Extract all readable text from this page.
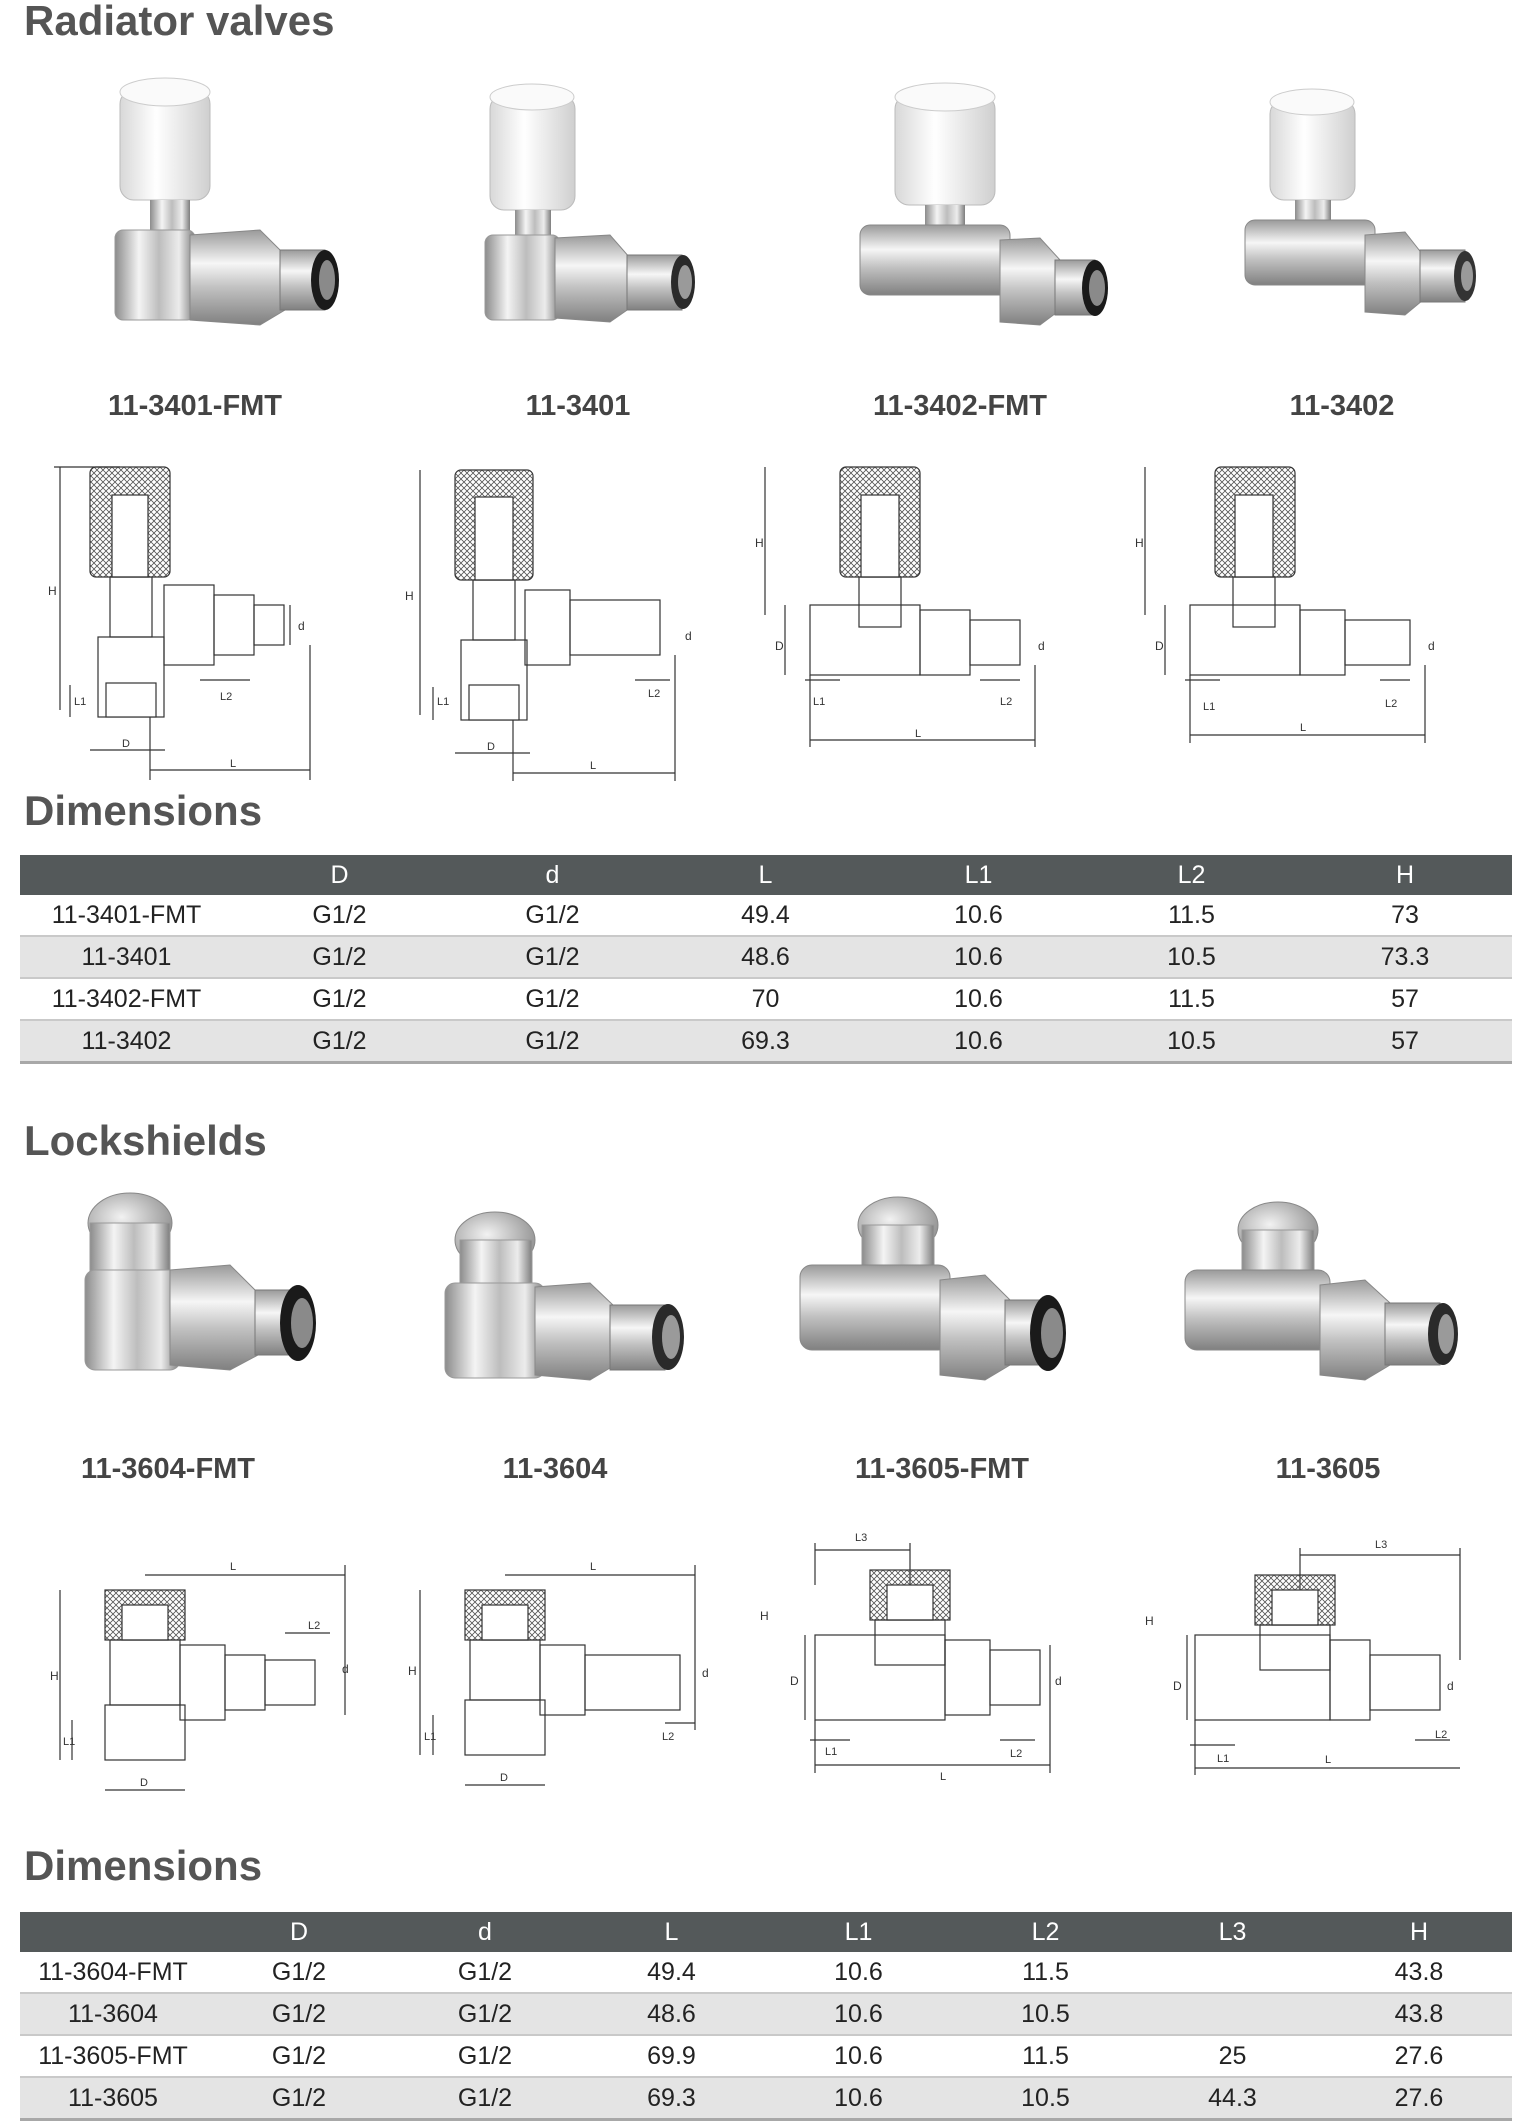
Radiator valves
11-3401-FMT	11-3401	11-3402-FMT	11-3402
H
d
L1	L2
D
L
H
d
L1
L2
D
L
H
D	d
L1	L2
L
H
D	d
L1	L2
L
Dimensions
	D	d	L	L1	L2	H
11-3401-FMT	G1/2	G1/2	49.4	10.6	11.5	73
11-3401	G1/2	G1/2	48.6	10.6	10.5	73.3
11-3402-FMT	G1/2	G1/2	70	10.6	11.5	57
11-3402	G1/2	G1/2	69.3	10.6	10.5	57
Lockshields
11-3604-FMT	11-3604	11-3605-FMT	11-3605
H	d
L
L2
L1
D
H	d
L
L2
L1
D
L3
H
D	d
L1	L2
L
L3
H
D	d
L1
L2
L
Dimensions
	D	d	L	L1	L2	L3	H
11-3604-FMT	G1/2	G1/2	49.4	10.6	11.5		43.8
11-3604	G1/2	G1/2	48.6	10.6	10.5		43.8
11-3605-FMT	G1/2	G1/2	69.9	10.6	11.5	25	27.6
11-3605	G1/2	G1/2	69.3	10.6	10.5	44.3	27.6
